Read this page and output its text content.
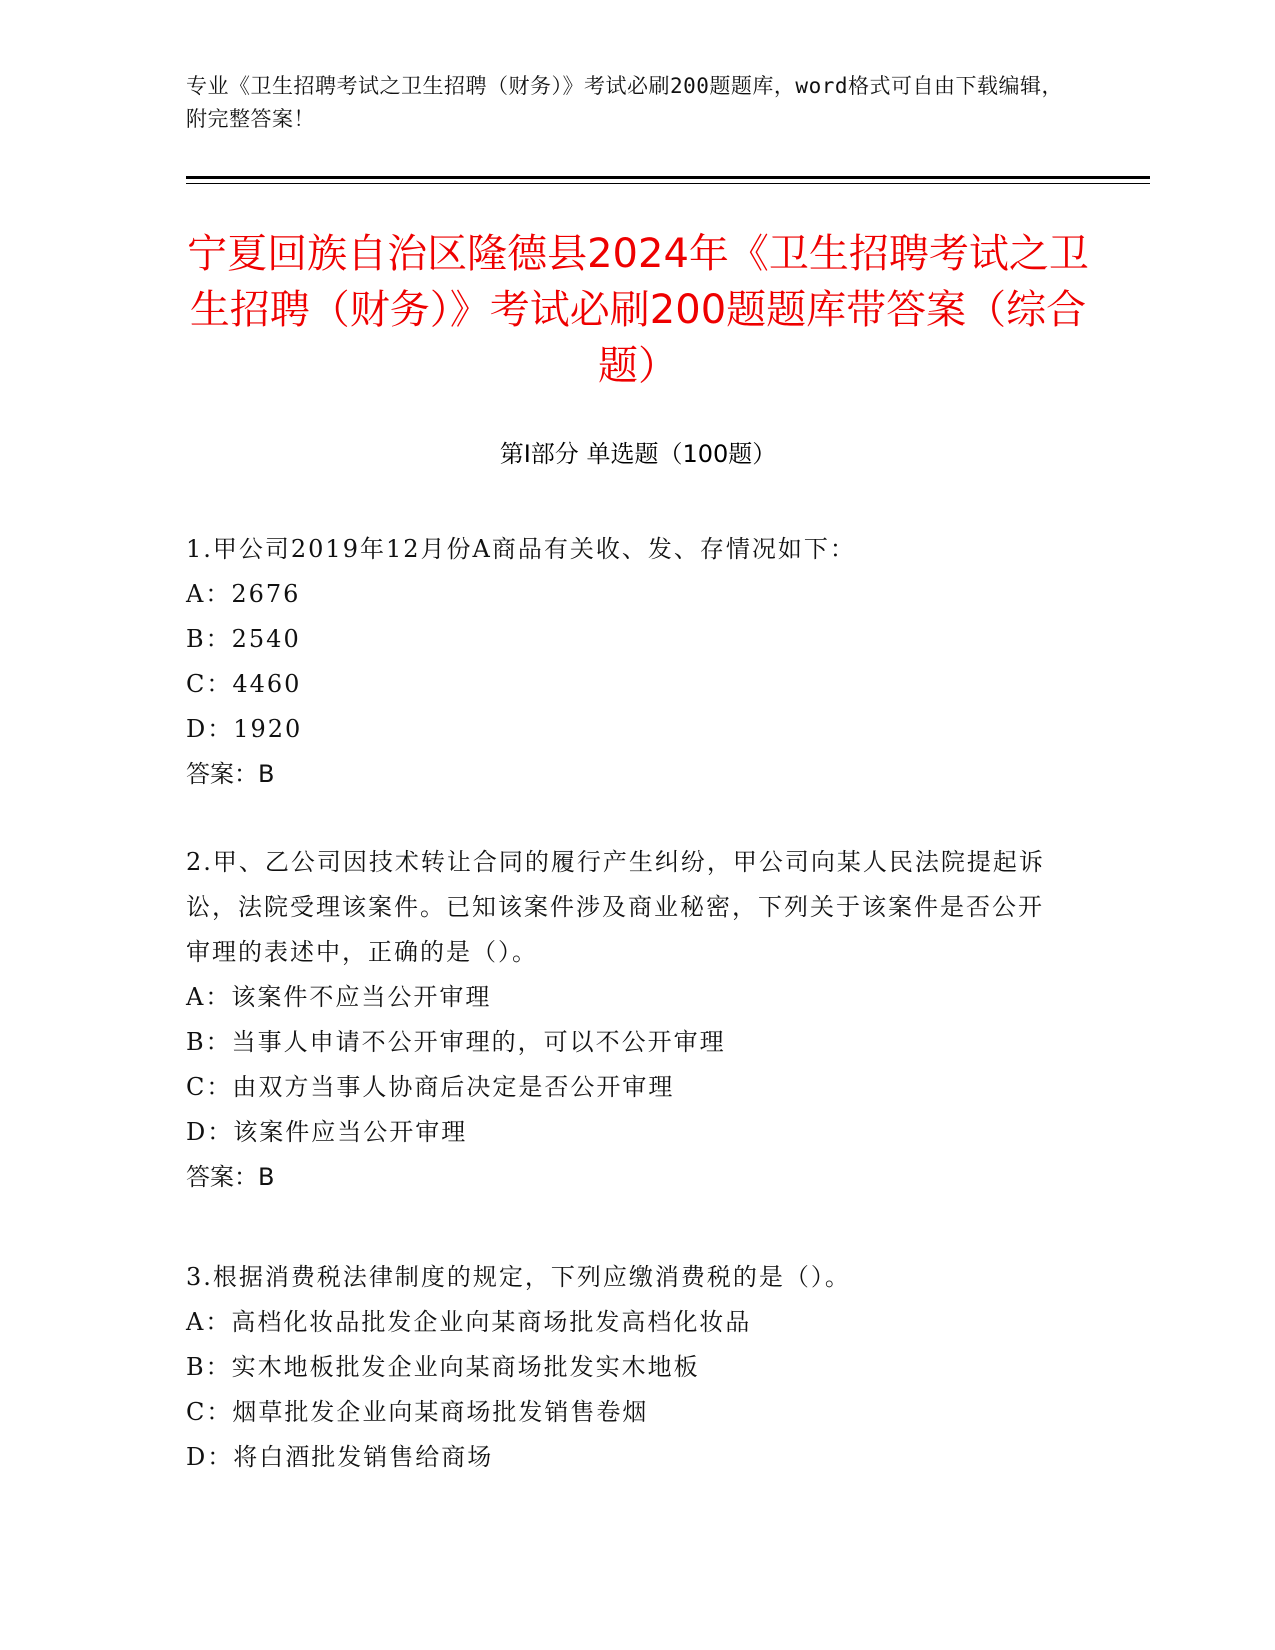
专业《卫生招聘考试之卫生招聘（财务）》考试必刷200题题库，word格式可自由下载编辑，附完整答案！
宁夏回族自治区隆德县2024年《卫生招聘考试之卫生招聘（财务）》考试必刷200题题库带答案（综合题）
第I部分 单选题（100题）

1.甲公司2019年12月份A商品有关收、发、存情况如下：

A：2676

B：2540

C：4460

D：1920

答案：B

2.甲、乙公司因技术转让合同的履行产生纠纷，甲公司向某人民法院提起诉讼，法院受理该案件。已知该案件涉及商业秘密，下列关于该案件是否公开审理的表述中，正确的是（）。

A：该案件不应当公开审理

B：当事人申请不公开审理的，可以不公开审理

C：由双方当事人协商后决定是否公开审理

D：该案件应当公开审理

答案：B

3.根据消费税法律制度的规定，下列应缴消费税的是（）。

A：高档化妆品批发企业向某商场批发高档化妆品

B：实木地板批发企业向某商场批发实木地板

C：烟草批发企业向某商场批发销售卷烟

D：将白酒批发销售给商场
